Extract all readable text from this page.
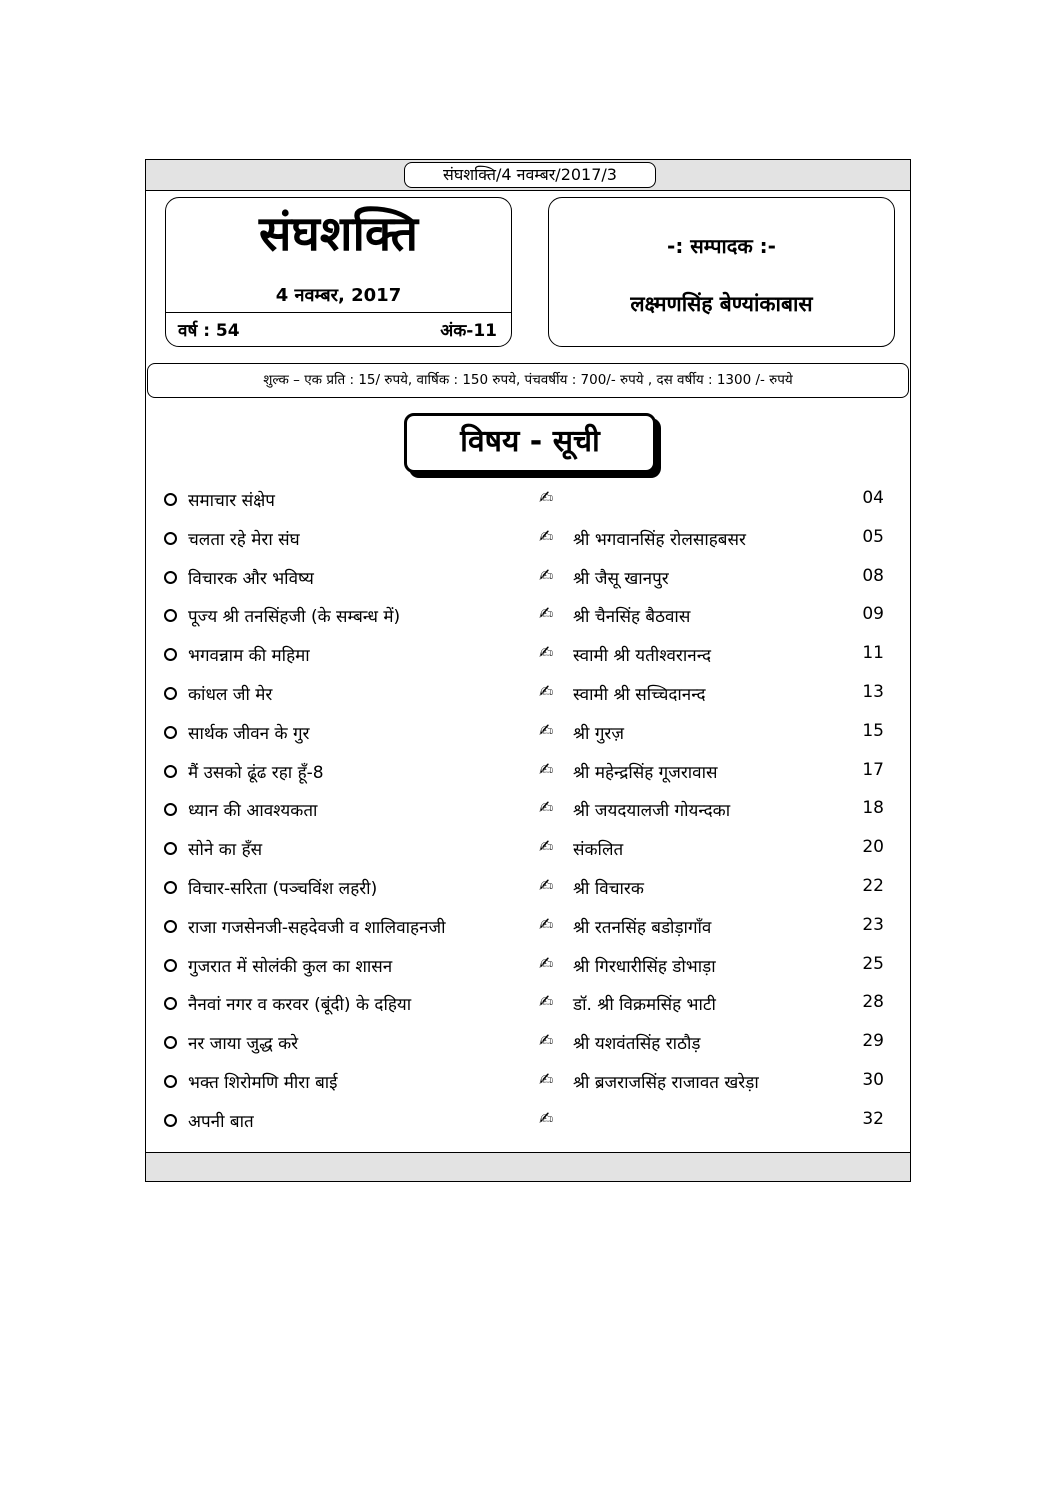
संघशक्ति/4 नवम्बर/2017/3
संघशक्ति
4 नवम्बर, 2017
वर्ष : 54	अंक-11
-: सम्पादक :-
लक्ष्मणसिंह बेण्यांकाबास
शुल्क – एक प्रति : 15/ रुपये, वार्षिक : 150 रुपये, पंचवर्षीय : 700/- रुपये , दस वर्षीय : 1300 /- रुपये
विषय - सूची
समाचार संक्षेप	✍	04
चलता रहे मेरा संघ	✍ श्री भगवानसिंह रोलसाहबसर	05
विचारक और भविष्य	✍ श्री जैसू खानपुर	08
पूज्य श्री तनसिंहजी (के सम्बन्ध में)	✍ श्री चैनसिंह बैठवास	09
भगवन्नाम की महिमा	✍ स्वामी श्री यतीश्वरानन्द	11
कांधल जी मेर	✍ स्वामी श्री सच्चिदानन्द	13
सार्थक जीवन के गुर	✍ श्री गुरज़	15
मैं उसको ढूंढ रहा हूँ-8	✍ श्री महेन्द्रसिंह गूजरावास	17
ध्यान की आवश्यकता	✍ श्री जयदयालजी गोयन्दका	18
सोने का हँस	✍ संकलित	20
विचार-सरिता (पञ्चविंश लहरी)	✍ श्री विचारक	22
राजा गजसेनजी-सहदेवजी व शालिवाहनजी	✍ श्री रतनसिंह बडोड़ागाँव	23
गुजरात में सोलंकी कुल का शासन	✍ श्री गिरधारीसिंह डोभाड़ा	25
नैनवां नगर व करवर (बूंदी) के दहिया	✍ डॉ. श्री विक्रमसिंह भाटी	28
नर जाया जुद्ध करे	✍ श्री यशवंतसिंह राठौड़	29
भक्त शिरोमणि मीरा बाई	✍ श्री ब्रजराजसिंह राजावत खरेड़ा	30
अपनी बात	✍	32
